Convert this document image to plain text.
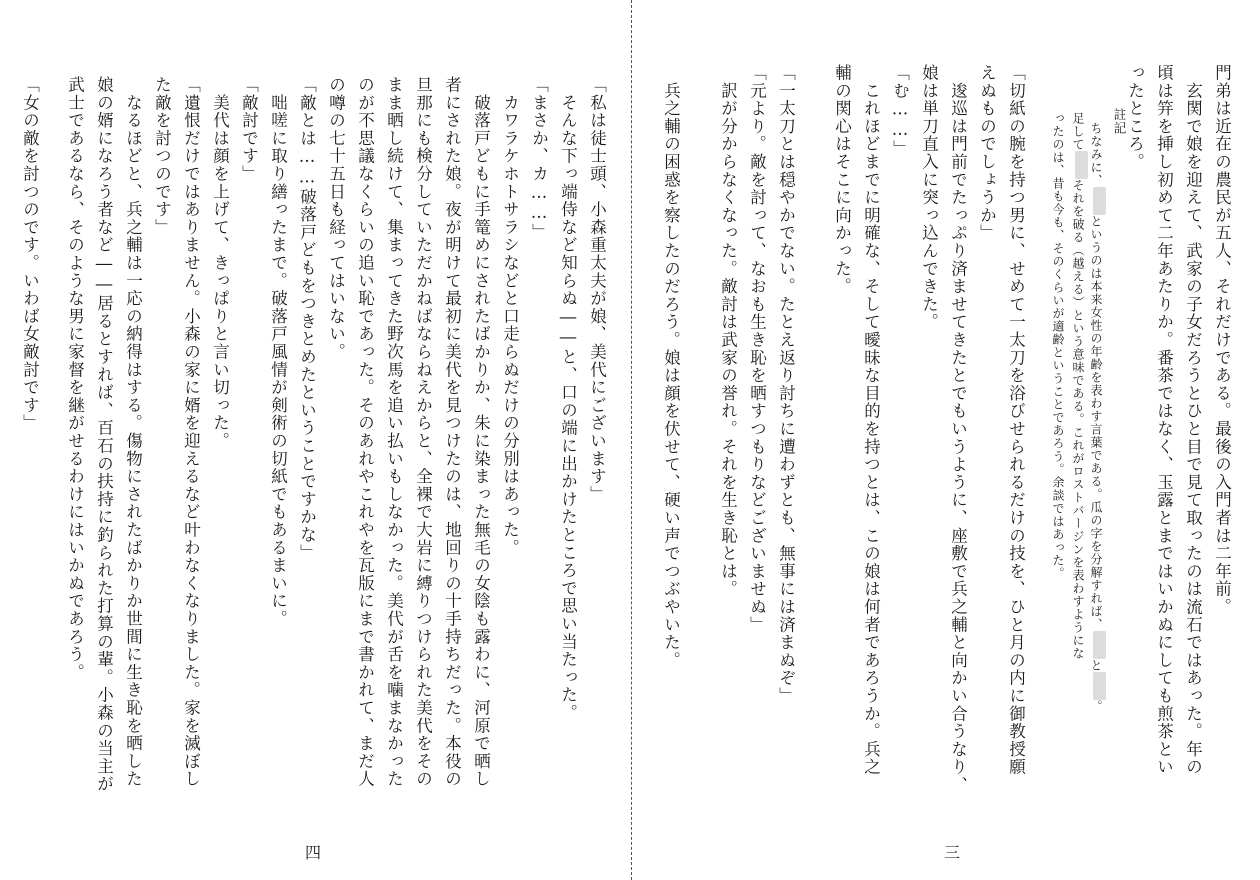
門弟は近在の農民が五人、それだけである。最後の入門者は二年前。
　玄関で娘を迎えて、武家の子女だろうとひと目で見て取ったのは流石ではあった。年の
頃は笄を挿し初めて二年あたりか。番茶ではなく、玉露とまではいかぬにしても煎茶とい
ったところ。
註記
ちなみに、というのは本来女性の年齢を表わす言葉である。瓜の字を分解すれば、と。
足してそれを破る（越える）という意味である。これがロストバージンを表わすようにな
ったのは、昔も今も、そのくらいが適齢ということであろう。余談ではあった。
「切紙の腕を持つ男に、せめて一太刀を浴びせられるだけの技を、ひと月の内に御教授願
えぬものでしょうか」
　逡巡は門前でたっぷり済ませてきたとでもいうように、座敷で兵之輔と向かい合うなり、
娘は単刀直入に突っ込んできた。
「む……」
　これほどまでに明確な、そして曖昧な目的を持つとは、この娘は何者であろうか。兵之
輔の関心はそこに向かった。
「一太刀とは穏やかでない。たとえ返り討ちに遭わずとも、無事には済まぬぞ」
「元より。敵を討って、なおも生き恥を晒すつもりなどございませぬ」
　訳が分からなくなった。敵討は武家の誉れ。それを生き恥とは。
　兵之輔の困惑を察したのだろう。娘は顔を伏せて、硬い声でつぶやいた。
三
「私は徒士頭、小森重太夫が娘、美代にございます」
　そんな下っ端侍など知らぬ――と、口の端に出かけたところで思い当たった。
「まさか、カ……」
　カワラケホトサラシなどと口走らぬだけの分別はあった。
　破落戸どもに手篭めにされたばかりか、朱に染まった無毛の女陰も露わに、河原で晒し
者にされた娘。夜が明けて最初に美代を見つけたのは、地回りの十手持ちだった。本役の
旦那にも検分していただかねばならねえからと、全裸で大岩に縛りつけられた美代をその
まま晒し続けて、集まってきた野次馬を追い払いもしなかった。美代が舌を噛まなかった
のが不思議なくらいの追い恥であった。そのあれやこれやを瓦版にまで書かれて、まだ人
の噂の七十五日も経ってはいない。
「敵とは……破落戸どもをつきとめたということですかな」
　咄嗟に取り繕ったまで。破落戸風情が剣術の切紙でもあるまいに。
「敵討です」
　美代は顔を上げて、きっぱりと言い切った。
「遺恨だけではありません。小森の家に婿を迎えるなど叶わなくなりました。家を滅ぼし
た敵を討つのです」
　なるほどと、兵之輔は一応の納得はする。傷物にされたばかりか世間に生き恥を晒した
娘の婿になろう者など――居るとすれば、百石の扶持に釣られた打算の輩。小森の当主が
武士であるなら、そのような男に家督を継がせるわけにはいかぬであろう。
「女の敵を討つのです。いわば女敵討です」
四
